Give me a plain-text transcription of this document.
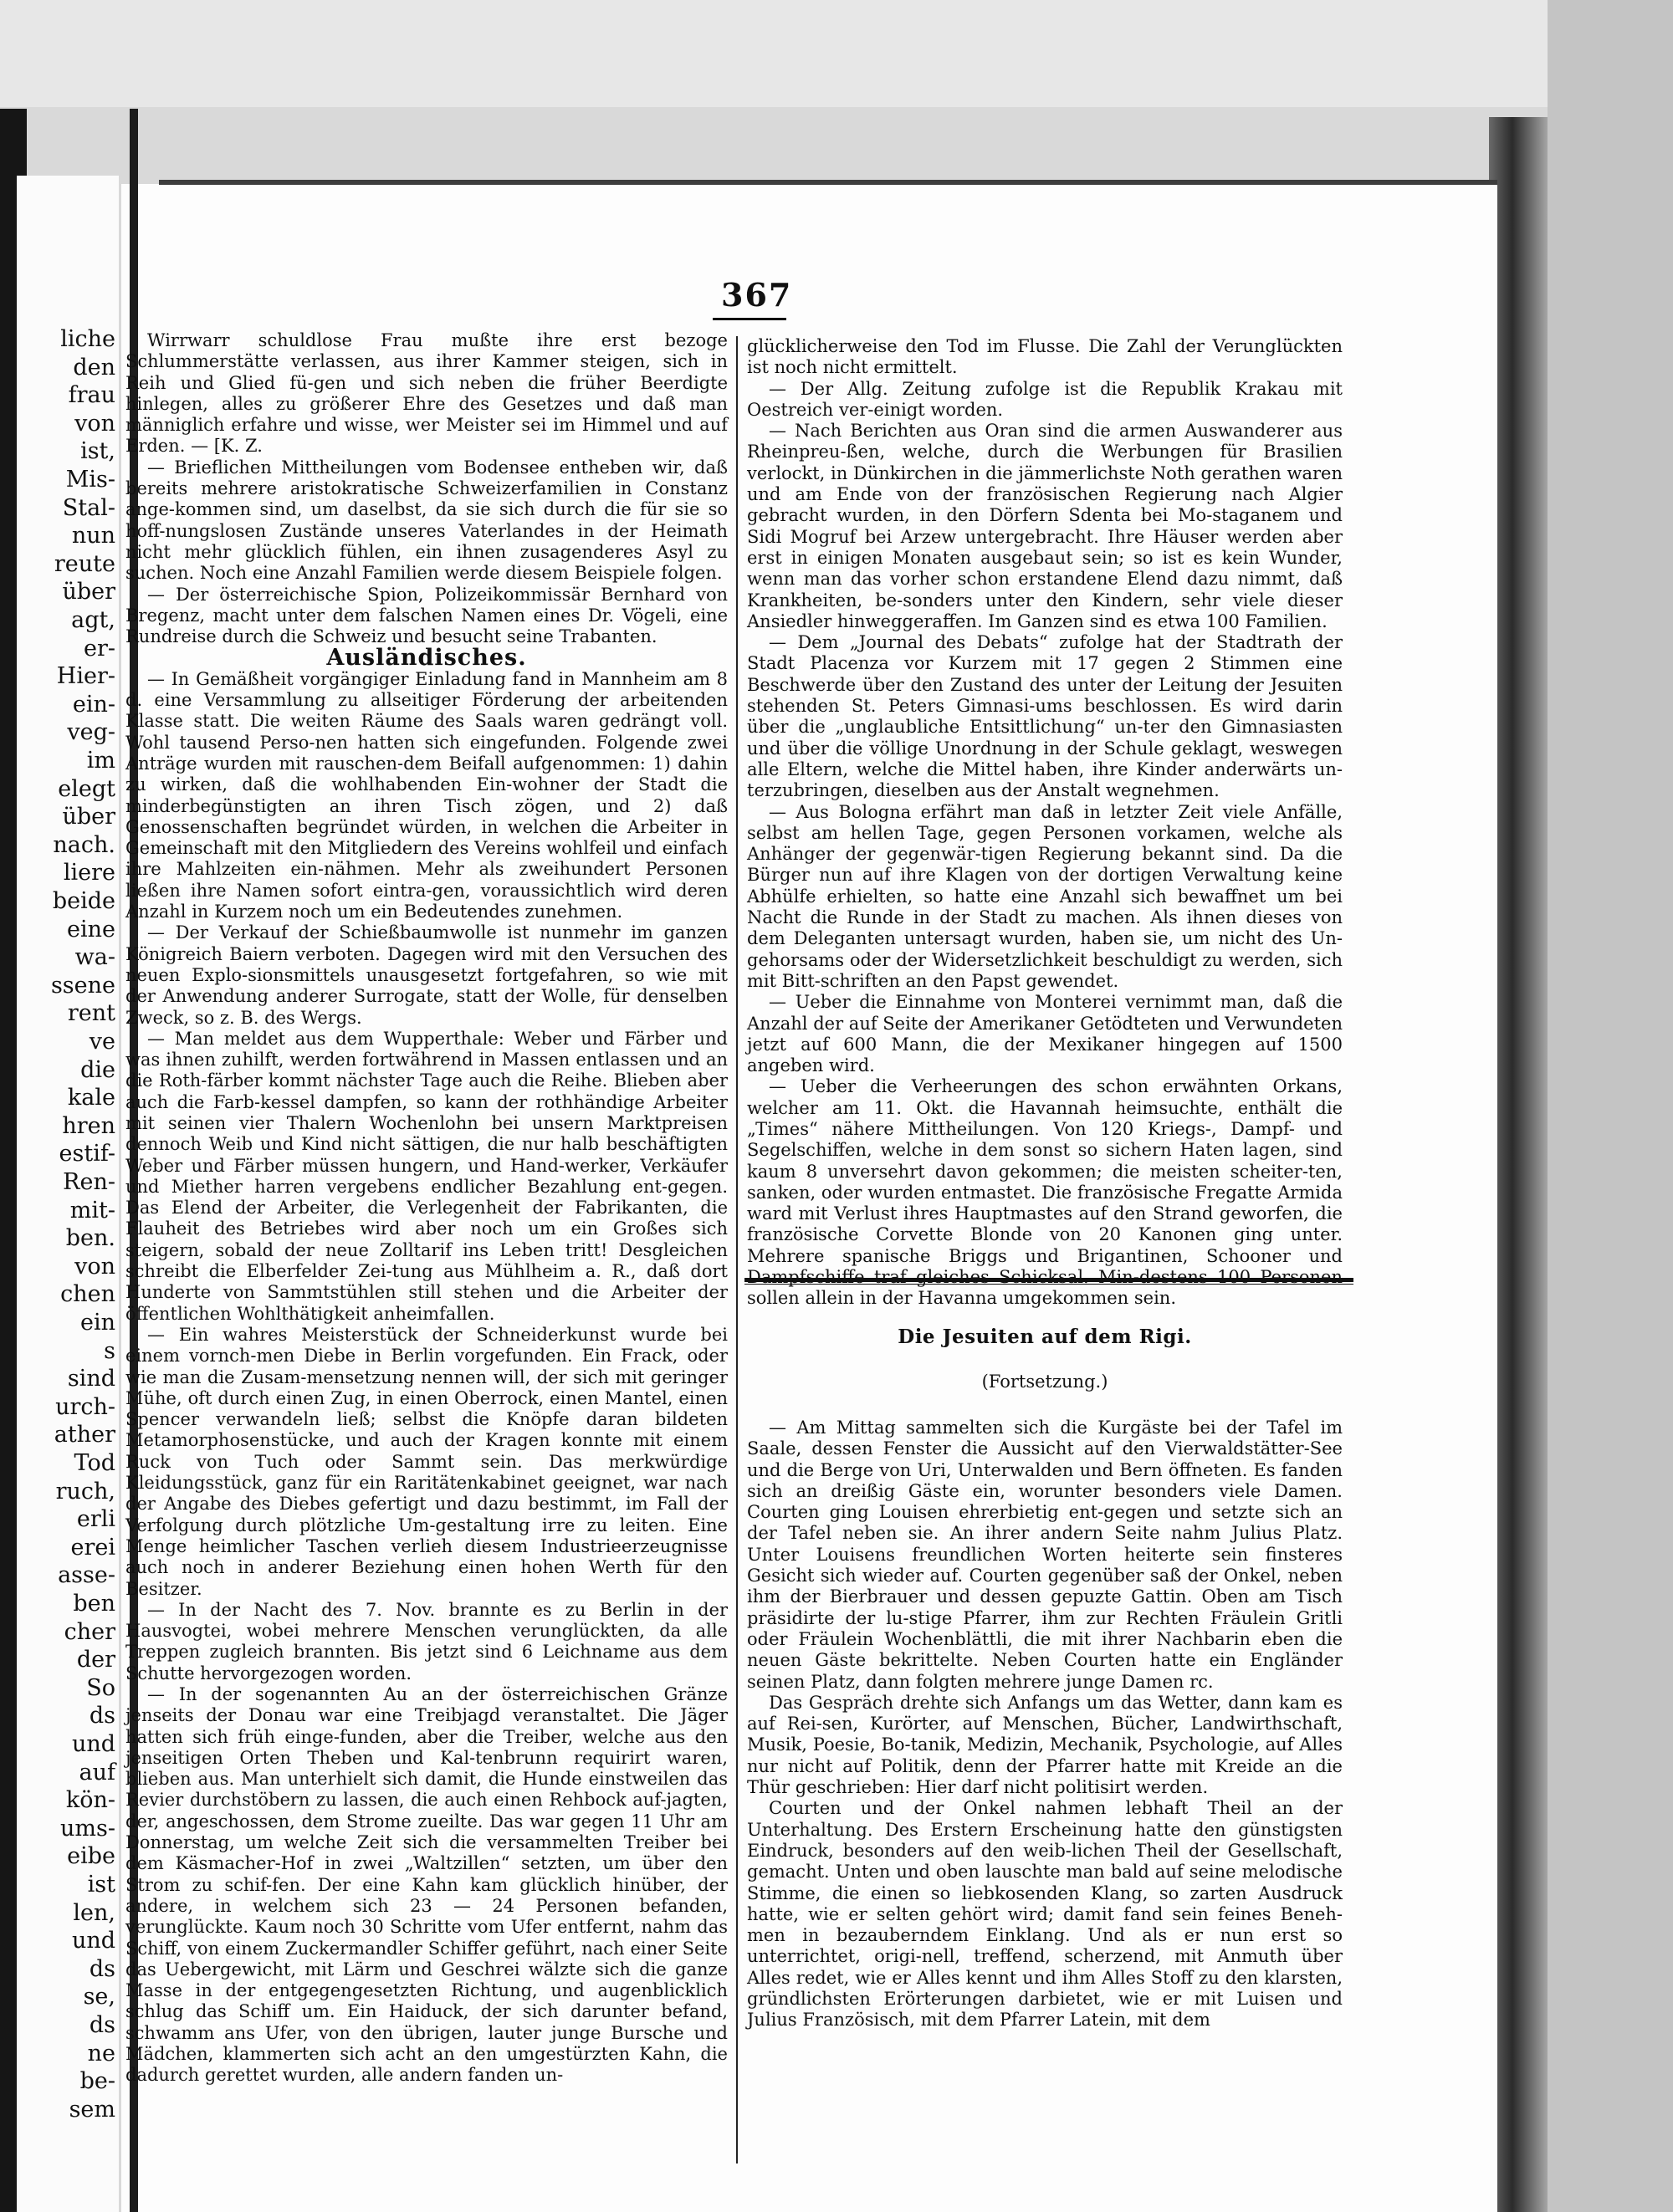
liche
den
frau
von
ist,
Mis-
Stal-
nun
reute
über
agt,
er-
Hier-
ein-
veg-
im
elegt
über
nach.
liere
beide
eine
wa-
ssene
rent
ve
die
kale
hren
estif-
Ren-
mit-
ben.
von
chen
ein
s
sind
urch-
ather
Tod
ruch,
erli
erei
asse-
ben
cher
der
So
ds
und
auf
kön-
ums-
eibe
ist
len,
und
ds
se,
ds
ne
be-
sem
367

Wirrwarr schuldlose Frau mußte ihre erst bezoge Schlummerstätte verlassen, aus ihrer Kammer steigen, sich in Reih und Glied fü-gen und sich neben die früher Beerdigte hinlegen, alles zu größerer Ehre des Gesetzes und daß man männiglich erfahre und wisse, wer Meister sei im Himmel und auf Erden. — [K. Z.

— Brieflichen Mittheilungen vom Bodensee entheben wir, daß bereits mehrere aristokratische Schweizerfamilien in Constanz ange-kommen sind, um daselbst, da sie sich durch die für sie so hoff-nungslosen Zustände unseres Vaterlandes in der Heimath nicht mehr glücklich fühlen, ein ihnen zusagenderes Asyl zu suchen. Noch eine Anzahl Familien werde diesem Beispiele folgen.

— Der österreichische Spion, Polizeikommissär Bernhard von Bregenz, macht unter dem falschen Namen eines Dr. Vögeli, eine Rundreise durch die Schweiz und besucht seine Trabanten.

Ausländisches.

— In Gemäßheit vorgängiger Einladung fand in Mannheim am 8 d. eine Versammlung zu allseitiger Förderung der arbeitenden Klasse statt. Die weiten Räume des Saals waren gedrängt voll. Wohl tausend Perso-nen hatten sich eingefunden. Folgende zwei Anträge wurden mit rauschen-dem Beifall aufgenommen: 1) dahin zu wirken, daß die wohlhabenden Ein-wohner der Stadt die minderbegünstigten an ihren Tisch zögen, und 2) daß Genossenschaften begründet würden, in welchen die Arbeiter in Gemeinschaft mit den Mitgliedern des Vereins wohlfeil und einfach ihre Mahlzeiten ein-nähmen. Mehr als zweihundert Personen ließen ihre Namen sofort eintra-gen, voraussichtlich wird deren Anzahl in Kurzem noch um ein Bedeutendes zunehmen.

— Der Verkauf der Schießbaumwolle ist nunmehr im ganzen Königreich Baiern verboten. Dagegen wird mit den Versuchen des neuen Explo-sionsmittels unausgesetzt fortgefahren, so wie mit der Anwendung anderer Surrogate, statt der Wolle, für denselben Zweck, so z. B. des Wergs.

— Man meldet aus dem Wupperthale: Weber und Färber und was ihnen zuhilft, werden fortwährend in Massen entlassen und an die Roth-färber kommt nächster Tage auch die Reihe. Blieben aber auch die Farb-kessel dampfen, so kann der rothhändige Arbeiter mit seinen vier Thalern Wochenlohn bei unsern Marktpreisen dennoch Weib und Kind nicht sättigen, die nur halb beschäftigten Weber und Färber müssen hungern, und Hand-werker, Verkäufer und Miether harren vergebens endlicher Bezahlung ent-gegen. Das Elend der Arbeiter, die Verlegenheit der Fabrikanten, die Flauheit des Betriebes wird aber noch um ein Großes sich steigern, sobald der neue Zolltarif ins Leben tritt! Desgleichen schreibt die Elberfelder Zei-tung aus Mühlheim a. R., daß dort Hunderte von Sammtstühlen still stehen und die Arbeiter der öffentlichen Wohlthätigkeit anheimfallen.

— Ein wahres Meisterstück der Schneiderkunst wurde bei einem vornch-men Diebe in Berlin vorgefunden. Ein Frack, oder wie man die Zusam-mensetzung nennen will, der sich mit geringer Mühe, oft durch einen Zug, in einen Oberrock, einen Mantel, einen Spencer verwandeln ließ; selbst die Knöpfe daran bildeten Metamorphosenstücke, und auch der Kragen konnte mit einem Ruck von Tuch oder Sammt sein. Das merkwürdige Kleidungsstück, ganz für ein Raritätenkabinet geeignet, war nach der Angabe des Diebes gefertigt und dazu bestimmt, im Fall der Verfolgung durch plötzliche Um-gestaltung irre zu leiten. Eine Menge heimlicher Taschen verlieh diesem Industrieerzeugnisse auch noch in anderer Beziehung einen hohen Werth für den Besitzer.

— In der Nacht des 7. Nov. brannte es zu Berlin in der Hausvogtei, wobei mehrere Menschen verunglückten, da alle Treppen zugleich brannten. Bis jetzt sind 6 Leichname aus dem Schutte hervorgezogen worden.

— In der sogenannten Au an der österreichischen Gränze jenseits der Donau war eine Treibjagd veranstaltet. Die Jäger hatten sich früh einge-funden, aber die Treiber, welche aus den jenseitigen Orten Theben und Kal-tenbrunn requirirt waren, blieben aus. Man unterhielt sich damit, die Hunde einstweilen das Revier durchstöbern zu lassen, die auch einen Rehbock auf-jagten, der, angeschossen, dem Strome zueilte. Das war gegen 11 Uhr am Donnerstag, um welche Zeit sich die versammelten Treiber bei dem Käsmacher-Hof in zwei „Waltzillen“ setzten, um über den Strom zu schif-fen. Der eine Kahn kam glücklich hinüber, der andere, in welchem sich 23 — 24 Personen befanden, verunglückte. Kaum noch 30 Schritte vom Ufer entfernt, nahm das Schiff, von einem Zuckermandler Schiffer geführt, nach einer Seite das Uebergewicht, mit Lärm und Geschrei wälzte sich die ganze Masse in der entgegengesetzten Richtung, und augenblicklich schlug das Schiff um. Ein Haiduck, der sich darunter befand, schwamm ans Ufer, von den übrigen, lauter junge Bursche und Mädchen, klammerten sich acht an den umgestürzten Kahn, die dadurch gerettet wurden, alle andern fanden un-

glücklicherweise den Tod im Flusse. Die Zahl der Verunglückten ist noch nicht ermittelt.

— Der Allg. Zeitung zufolge ist die Republik Krakau mit Oestreich ver-einigt worden.

— Nach Berichten aus Oran sind die armen Auswanderer aus Rheinpreu-ßen, welche, durch die Werbungen für Brasilien verlockt, in Dünkirchen in die jämmerlichste Noth gerathen waren und am Ende von der französischen Regierung nach Algier gebracht wurden, in den Dörfern Sdenta bei Mo-staganem und Sidi Mogruf bei Arzew untergebracht. Ihre Häuser werden aber erst in einigen Monaten ausgebaut sein; so ist es kein Wunder, wenn man das vorher schon erstandene Elend dazu nimmt, daß Krankheiten, be-sonders unter den Kindern, sehr viele dieser Ansiedler hinweggeraffen. Im Ganzen sind es etwa 100 Familien.

— Dem „Journal des Debats“ zufolge hat der Stadtrath der Stadt Placenza vor Kurzem mit 17 gegen 2 Stimmen eine Beschwerde über den Zustand des unter der Leitung der Jesuiten stehenden St. Peters Gimnasi-ums beschlossen. Es wird darin über die „unglaubliche Entsittlichung“ un-ter den Gimnasiasten und über die völlige Unordnung in der Schule geklagt, weswegen alle Eltern, welche die Mittel haben, ihre Kinder anderwärts un-terzubringen, dieselben aus der Anstalt wegnehmen.

— Aus Bologna erfährt man daß in letzter Zeit viele Anfälle, selbst am hellen Tage, gegen Personen vorkamen, welche als Anhänger der gegenwär-tigen Regierung bekannt sind. Da die Bürger nun auf ihre Klagen von der dortigen Verwaltung keine Abhülfe erhielten, so hatte eine Anzahl sich bewaffnet um bei Nacht die Runde in der Stadt zu machen. Als ihnen dieses von dem Deleganten untersagt wurden, haben sie, um nicht des Un-gehorsams oder der Widersetzlichkeit beschuldigt zu werden, sich mit Bitt-schriften an den Papst gewendet.

— Ueber die Einnahme von Monterei vernimmt man, daß die Anzahl der auf Seite der Amerikaner Getödteten und Verwundeten jetzt auf 600 Mann, die der Mexikaner hingegen auf 1500 angeben wird.

— Ueber die Verheerungen des schon erwähnten Orkans, welcher am 11. Okt. die Havannah heimsuchte, enthält die „Times“ nähere Mittheilungen. Von 120 Kriegs-, Dampf- und Segelschiffen, welche in dem sonst so sichern Haten lagen, sind kaum 8 unversehrt davon gekommen; die meisten scheiter-ten, sanken, oder wurden entmastet. Die französische Fregatte Armida ward mit Verlust ihres Hauptmastes auf den Strand geworfen, die französische Corvette Blonde von 20 Kanonen ging unter. Mehrere spanische Briggs und Brigantinen, Schooner und sollen allein in der Havanna umgekommen sein.

Die Jesuiten auf dem Rigi.
(Fortsetzung.)

— Am Mittag sammelten sich die Kurgäste bei der Tafel im Saale, dessen Fenster die Aussicht auf den Vierwaldstätter-See und die Berge von Uri, Unterwalden und Bern öffneten. Es fanden sich an dreißig Gäste ein, worunter besonders viele Damen. Courten ging Louisen ehrerbietig ent-gegen und setzte sich an der Tafel neben sie. An ihrer andern Seite nahm Julius Platz. Unter Louisens freundlichen Worten heiterte sein finsteres Gesicht sich wieder auf. Courten gegenüber saß der Onkel, neben ihm der Bierbrauer und dessen gepuzte Gattin. Oben am Tisch präsidirte der lu-stige Pfarrer, ihm zur Rechten Fräulein Gritli oder Fräulein Wochenblättli, die mit ihrer Nachbarin eben die neuen Gäste bekrittelte. Neben Courten hatte ein Engländer seinen Platz, dann folgten mehrere junge Damen rc.

Das Gespräch drehte sich Anfangs um das Wetter, dann kam es auf Rei-sen, Kurörter, auf Menschen, Bücher, Landwirthschaft, Musik, Poesie, Bo-tanik, Medizin, Mechanik, Psychologie, auf Alles nur nicht auf Politik, denn der Pfarrer hatte mit Kreide an die Thür geschrieben: Hier darf nicht politisirt werden.

Courten und der Onkel nahmen lebhaft Theil an der Unterhaltung. Des Erstern Erscheinung hatte den günstigsten Eindruck, besonders auf den weib-lichen Theil der Gesellschaft, gemacht. Unten und oben lauschte man bald auf seine melodische Stimme, die einen so liebkosenden Klang, so zarten Ausdruck hatte, wie er selten gehört wird; damit fand sein feines Beneh-men in bezauberndem Einklang. Und als er nun erst so unterrichtet, origi-nell, treffend, scherzend, mit Anmuth über Alles redet, wie er Alles kennt und ihm Alles Stoff zu den klarsten, gründlichsten Erörterungen darbietet, wie er mit Luisen und Julius Französisch, mit dem Pfarrer Latein, mit dem
